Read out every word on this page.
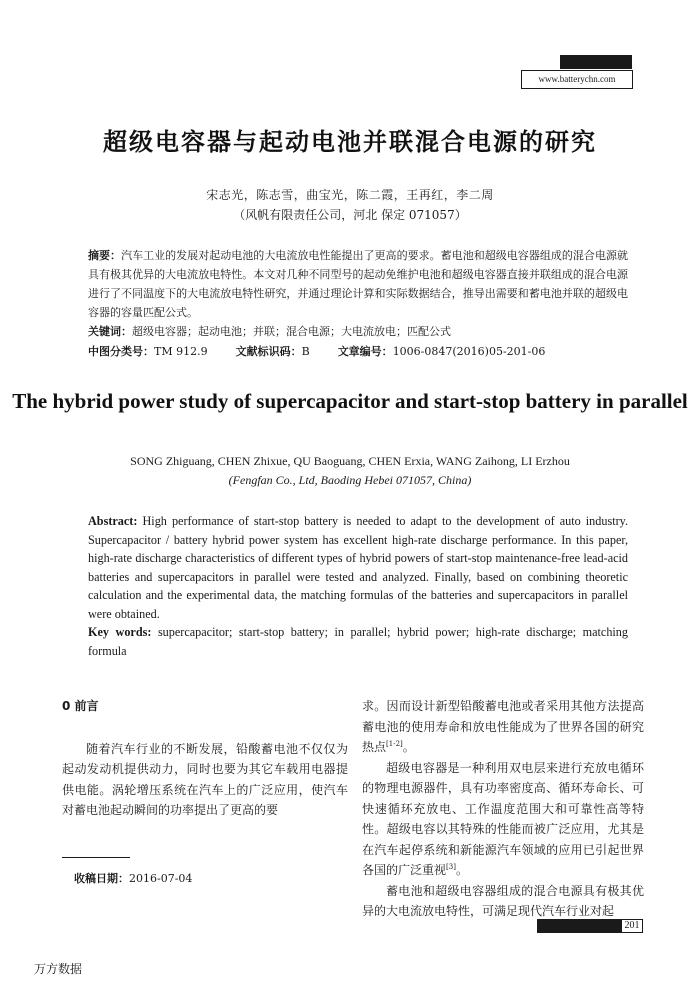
www.batterychn.com
超级电容器与起动电池并联混合电源的研究
宋志光，陈志雪，曲宝光，陈二霞，王再红，李二周
（风帆有限责任公司，河北 保定 071057）
摘要：汽车工业的发展对起动电池的大电流放电性能提出了更高的要求。蓄电池和超级电容器组成的混合电源就具有极其优异的大电流放电特性。本文对几种不同型号的起动免维护电池和超级电容器直接并联组成的混合电源进行了不同温度下的大电流放电特性研究，并通过理论计算和实际数据结合，推导出需要和蓄电池并联的超级电容器的容量匹配公式。
关键词：超级电容器；起动电池；并联；混合电源；大电流放电；匹配公式
中图分类号：TM 912.9	文献标识码：B	文章编号：1006-0847(2016)05-201-06
The hybrid power study of supercapacitor and start-stop battery in parallel
SONG Zhiguang, CHEN Zhixue, QU Baoguang, CHEN Erxia, WANG Zaihong, LI Erzhou
(Fengfan Co., Ltd, Baoding Hebei 071057, China)
Abstract: High performance of start-stop battery is needed to adapt to the development of auto industry. Supercapacitor / battery hybrid power system has excellent high-rate discharge performance. In this paper, high-rate discharge characteristics of different types of hybrid powers of start-stop maintenance-free lead-acid batteries and supercapacitors in parallel were tested and analyzed. Finally, based on combining theoretic calculation and the experimental data, the matching formulas of the batteries and supercapacitors in parallel were obtained.
Key words: supercapacitor; start-stop battery; in parallel; hybrid power; high-rate discharge; matching formula
0 前言
随着汽车行业的不断发展，铅酸蓄电池不仅仅为起动发动机提供动力，同时也要为其它车载用电器提供电能。涡轮增压系统在汽车上的广泛应用，使汽车对蓄电池起动瞬间的功率提出了更高的要
求。因而设计新型铅酸蓄电池或者采用其他方法提高蓄电池的使用寿命和放电性能成为了世界各国的研究热点[1-2]。
超级电容器是一种利用双电层来进行充放电循环的物理电源器件，具有功率密度高、循环寿命长、可快速循环充放电、工作温度范围大和可靠性高等特性。超级电容以其特殊的性能而被广泛应用，尤其是在汽车起停系统和新能源汽车领域的应用已引起世界各国的广泛重视[3]。
蓄电池和超级电容器组成的混合电源具有极其优异的大电流放电特性，可满足现代汽车行业对起
收稿日期：2016-07-04
201
万方数据
